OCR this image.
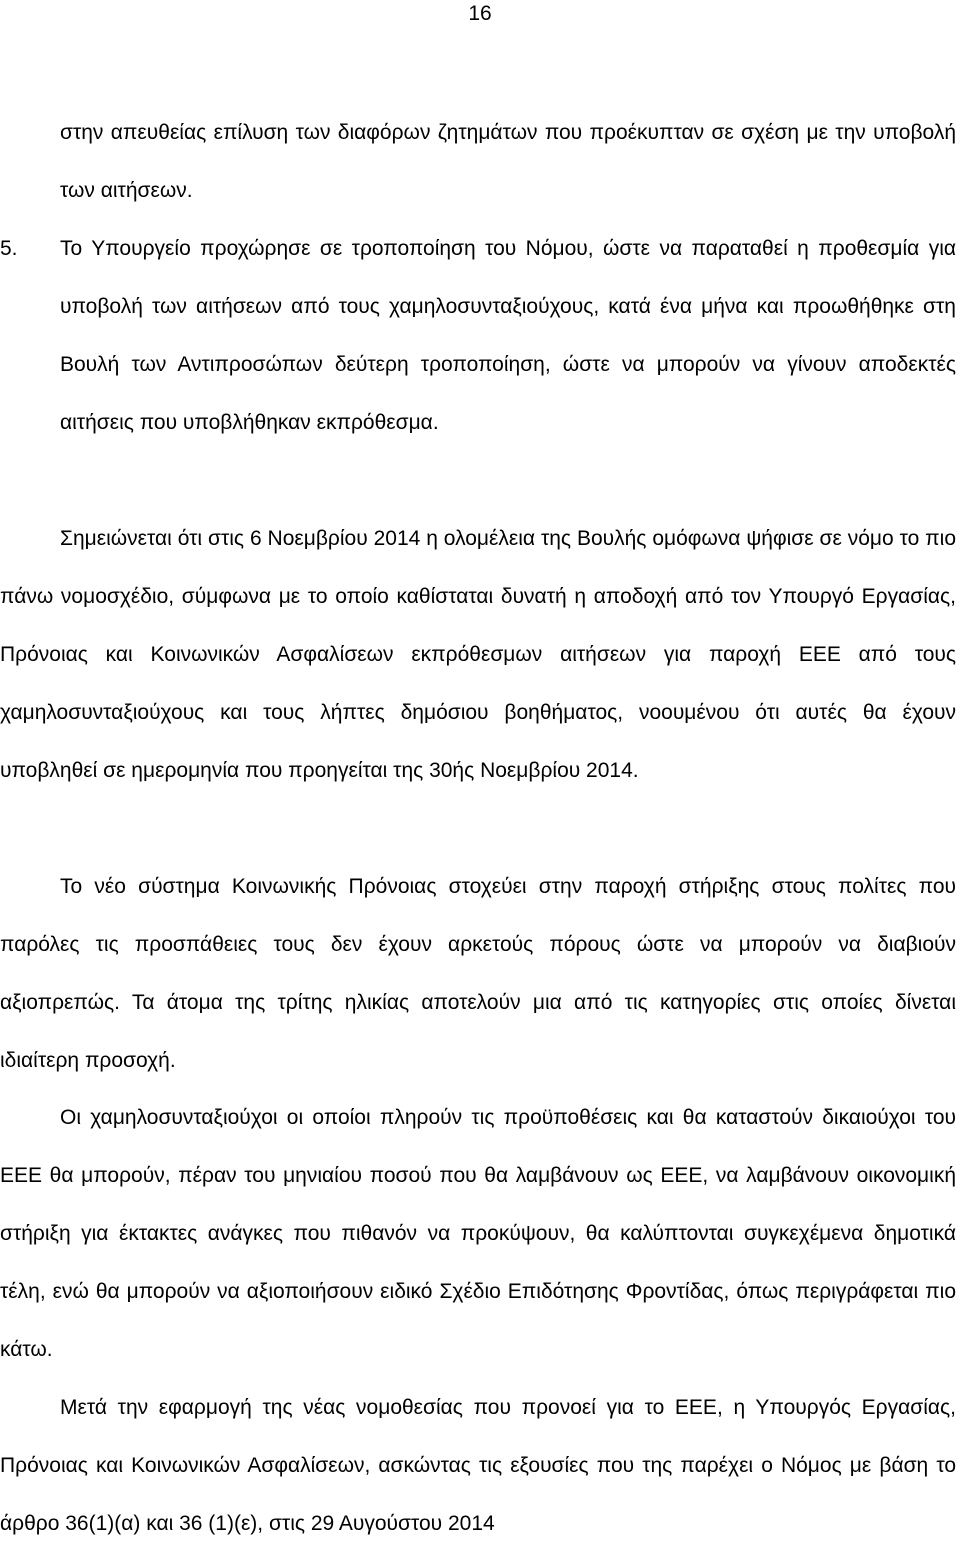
16

στην απευθείας επίλυση των διαφόρων ζητημάτων που προέκυπταν σε σχέση με την υποβολή των αιτήσεων.

5. Το Υπουργείο προχώρησε σε τροποποίηση του Νόμου, ώστε να παραταθεί η προθεσμία για υποβολή των αιτήσεων από τους χαμηλοσυνταξιούχους, κατά ένα μήνα και προωθήθηκε στη Βουλή των Αντιπροσώπων δεύτερη τροποποίηση, ώστε να μπορούν να γίνουν αποδεκτές αιτήσεις που υποβλήθηκαν εκπρόθεσμα.

Σημειώνεται ότι στις 6 Νοεμβρίου 2014 η ολομέλεια της Βουλής ομόφωνα ψήφισε σε νόμο το πιο πάνω νομοσχέδιο, σύμφωνα με το οποίο καθίσταται δυνατή η αποδοχή από τον Υπουργό Εργασίας, Πρόνοιας και Κοινωνικών Ασφαλίσεων εκπρόθεσμων αιτήσεων για παροχή ΕΕΕ από τους χαμηλοσυνταξιούχους και τους λήπτες δημόσιου βοηθήματος, νοουμένου ότι αυτές θα έχουν υποβληθεί σε ημερομηνία που προηγείται της 30ής Νοεμβρίου 2014.

Το νέο σύστημα Κοινωνικής Πρόνοιας στοχεύει στην παροχή στήριξης στους πολίτες που παρόλες τις προσπάθειες τους δεν έχουν αρκετούς πόρους ώστε να μπορούν να διαβιούν αξιοπρεπώς. Τα άτομα της τρίτης ηλικίας αποτελούν μια από τις κατηγορίες στις οποίες δίνεται ιδιαίτερη προσοχή.

Οι χαμηλοσυνταξιούχοι οι οποίοι πληρούν τις προϋποθέσεις και θα καταστούν δικαιούχοι του ΕΕΕ θα μπορούν, πέραν του μηνιαίου ποσού που θα λαμβάνουν ως ΕΕΕ, να λαμβάνουν οικονομική στήριξη για έκτακτες ανάγκες που πιθανόν να προκύψουν, θα καλύπτονται συγκεχέμενα δημοτικά τέλη, ενώ θα μπορούν να αξιοποιήσουν ειδικό Σχέδιο Επιδότησης Φροντίδας, όπως περιγράφεται πιο κάτω.

Μετά την εφαρμογή της νέας νομοθεσίας που προνοεί για το ΕΕΕ, η Υπουργός Εργασίας, Πρόνοιας και Κοινωνικών Ασφαλίσεων, ασκώντας τις εξουσίες που της παρέχει ο Νόμος με βάση το άρθρο 36(1)(α) και 36 (1)(ε), στις 29 Αυγούστου 2014
